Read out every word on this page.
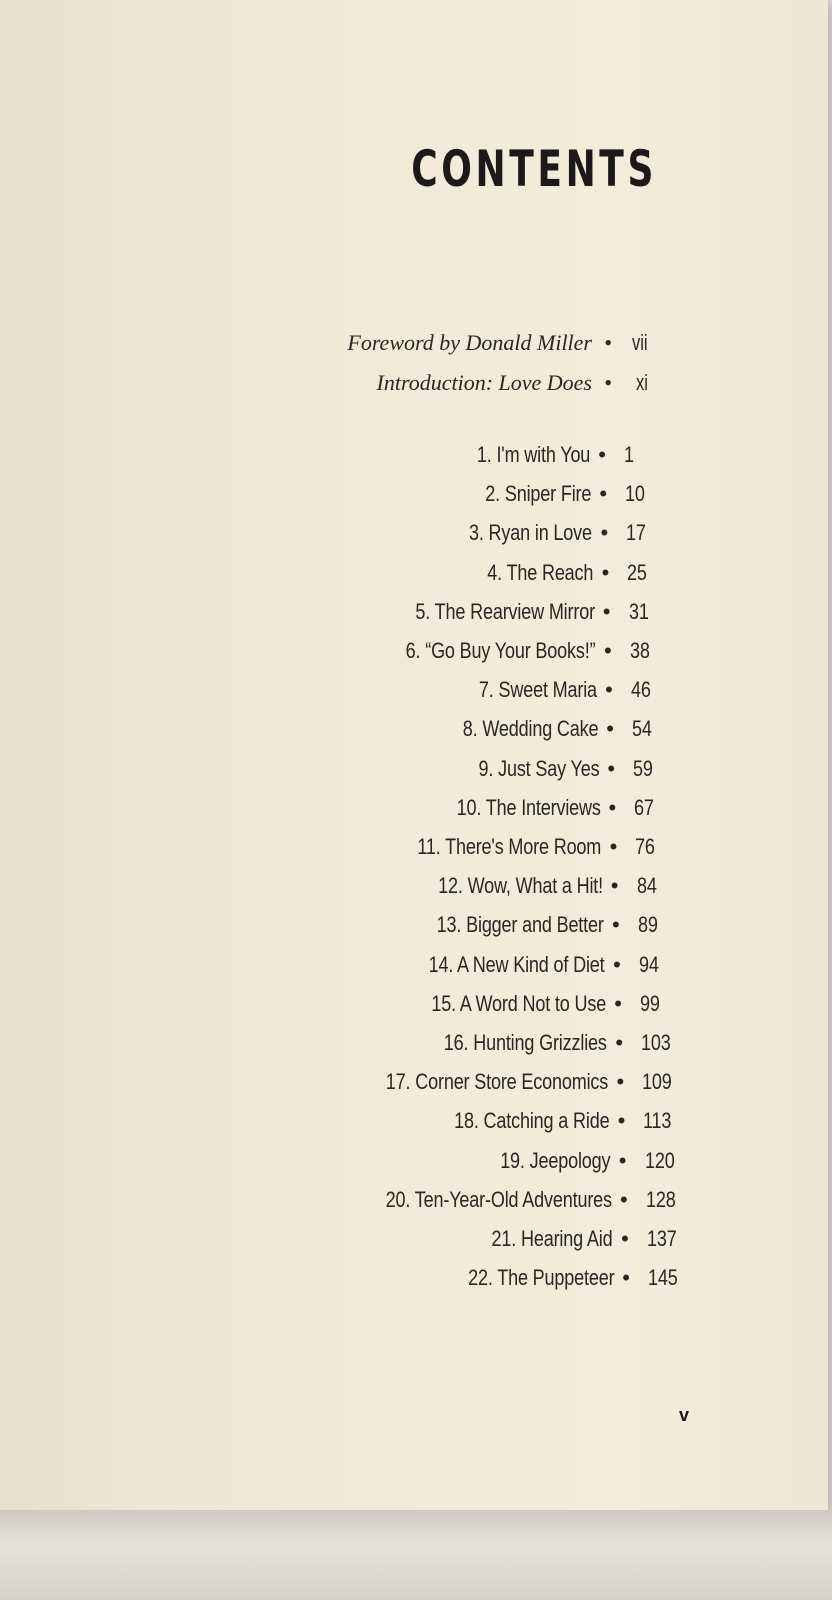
CONTENTS
Foreword by Donald Miller • vii
Introduction: Love Does • xi
1. I'm with You • 1
2. Sniper Fire • 10
3. Ryan in Love • 17
4. The Reach • 25
5. The Rearview Mirror • 31
6. “Go Buy Your Books!” • 38
7. Sweet Maria • 46
8. Wedding Cake • 54
9. Just Say Yes • 59
10. The Interviews • 67
11. There's More Room • 76
12. Wow, What a Hit! • 84
13. Bigger and Better • 89
14. A New Kind of Diet • 94
15. A Word Not to Use • 99
16. Hunting Grizzlies • 103
17. Corner Store Economics • 109
18. Catching a Ride • 113
19. Jeepology • 120
20. Ten-Year-Old Adventures • 128
21. Hearing Aid • 137
22. The Puppeteer • 145
v
